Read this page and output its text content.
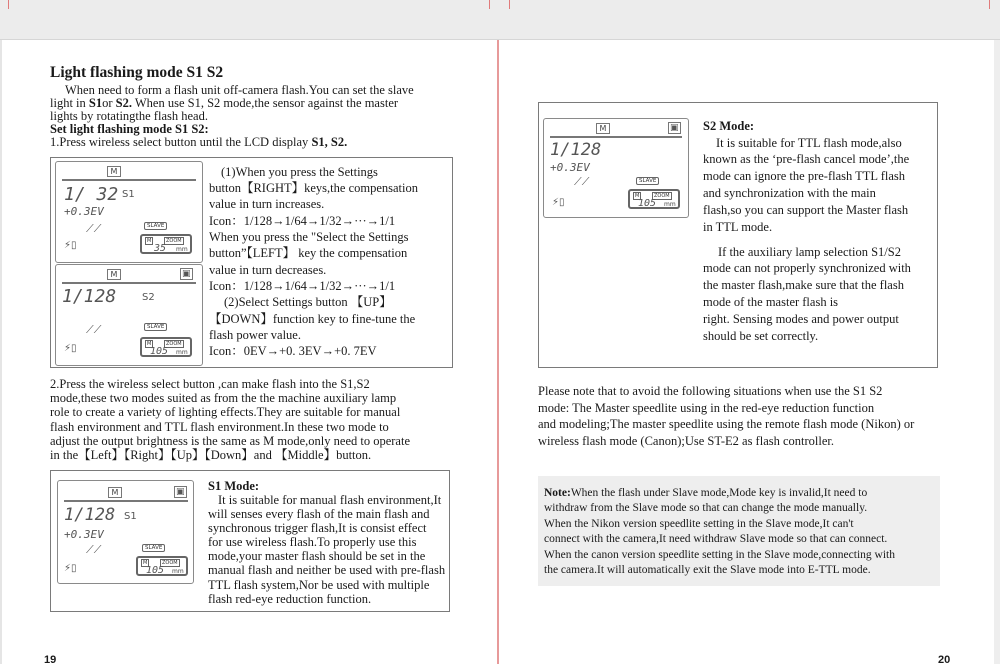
Light flashing mode S1 S2
When need to form a flash unit off-camera flash.You can set the slave
light in S1or S2. When use S1, S2 mode,the sensor against the master
lights by rotatingthe flash head.
Set light flashing mode S1 S2:
1.Press wireless select button until the LCD display S1, S2.
M
1/ 32 S1
+0.3EV
⟋⟋	SLAVE
⚡▯	M	ZOOM
35 mm
M	▣
1/128	S2
⟋⟋	SLAVE
⚡▯	M	ZOOM
105 mm
(1)When you press the Settings
button【RIGHT】keys,the compensation
value in turn increases.
Icon：1/128→1/64→1/32→···→1/1
When you press the "Select the Settings
button”【LEFT】 key the compensation
value in turn decreases.
Icon：1/128→1/64→1/32→···→1/1
(2)Select Settings button 【UP】
【DOWN】function key to fine-tune the
flash power value.
Icon：0EV→+0. 3EV→+0. 7EV
2.Press the wireless select button ,can make flash into the S1,S2
mode,these two modes suited as from the the machine auxiliary lamp
role to create a variety of lighting effects.They are suitable for manual
flash environment and TTL flash environment.In these two mode to
adjust the output brightness is the same as M mode,only need to operate
in the【Left】【Right】【Up】【Down】and 【Middle】button.
M	▣
1/128 S1
+0.3EV
⟋⟋	SLAVE
⚡▯	M	ZOOM
105 mm
S1 Mode:
It is suitable for manual flash environment,It
will senses every flash of the main flash and
synchronous trigger flash,It is consist effect
for use wireless flash.To properly use this
mode,your master flash should be set in the
manual flash and neither be used with pre-flash
TTL flash system,Nor be used with multiple
flash red-eye reduction function.
19
M	▣
1/128
+0.3EV
⟋⟋	SLAVE
⚡▯
M	ZOOM
105 mm
S2 Mode:
It is suitable for TTL flash mode,also
known as the ‘pre-flash cancel mode’,the
mode can ignore the pre-flash TTL flash
and synchronization with the main
flash,so you can support the Master flash
in TTL mode.
If the auxiliary lamp selection S1/S2
mode can not properly synchronized with
the master flash,make sure that the flash
mode of the master flash is
right. Sensing modes and power output
should be set correctly.
Please note that to avoid the following situations when use the S1 S2
mode: The Master speedlite using in the red-eye reduction function
and modeling;The master speedlite using the remote flash mode (Nikon) or
wireless flash mode (Canon);Use ST-E2 as flash controller.
Note:When the flash under Slave mode,Mode key is invalid,It need to
withdraw from the Slave mode so that can change the mode manually.
When the Nikon version speedlite setting in the Slave mode,It can't
connect with the camera,It need withdraw Slave mode so that can connect.
When the canon version speedlite setting in the Slave mode,connecting with
the camera.It will automatically exit the Slave mode into E-TTL mode.
20
